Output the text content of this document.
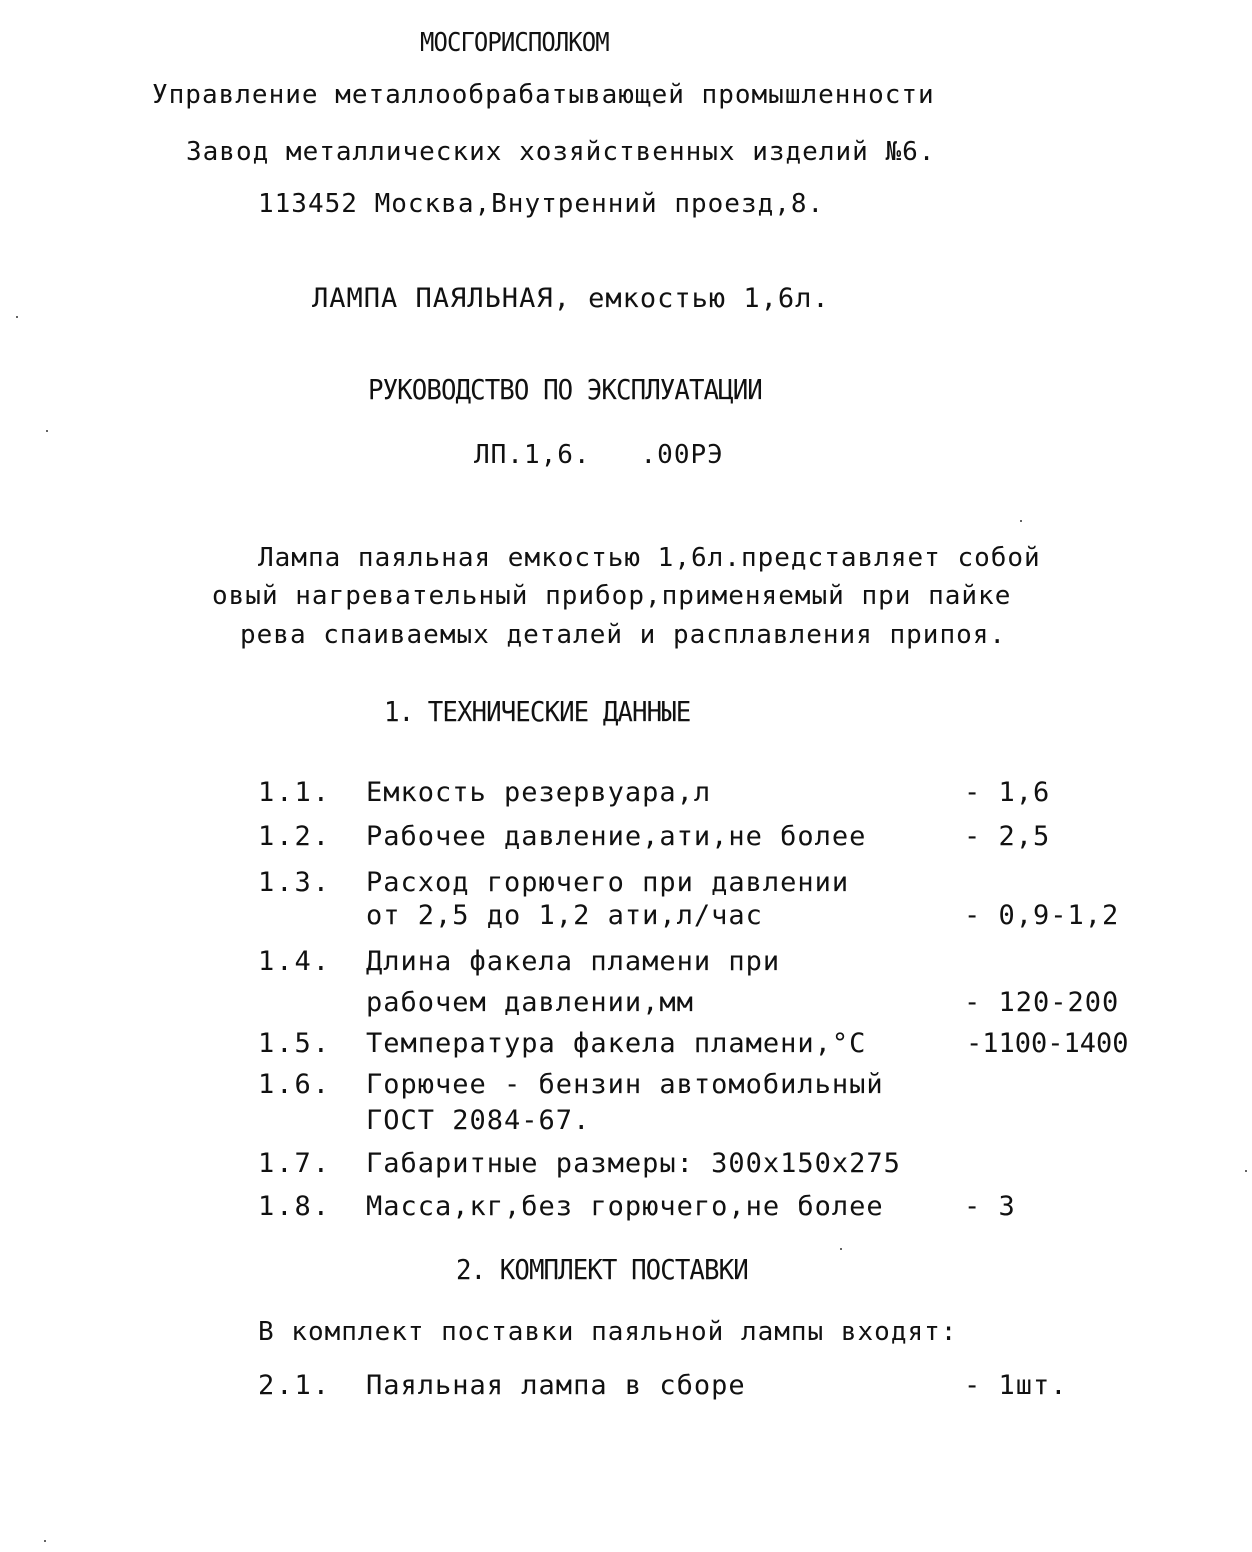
МОСГОРИСПОЛКОМ
Управление металлообрабатывающей промышленности
Завод металлических хозяйственных изделий №6.
113452 Москва,Внутренний проезд,8.
ЛАМПА ПАЯЛЬНАЯ, емкостью 1,6л.
РУКОВОДСТВО ПО ЭКСПЛУАТАЦИИ
ЛП.1,6.   .00РЭ
Лампа паяльная емкостью 1,6л.представляет собой
овый нагревательный прибор,применяемый при пайке
рева спаиваемых деталей и расплавления припоя.
1. ТЕХНИЧЕСКИЕ ДАННЫЕ
1.1. Емкость резервуара,л	- 1,6
1.2. Рабочее давление,ати,не более	- 2,5
1.3. Расход горючего при давлении
от 2,5 до 1,2 ати,л/час	- 0,9-1,2
1.4. Длина факела пламени при
рабочем давлении,мм	- 120-200
1.5. Температура факела пламени,°С	-1100-1400
1.6. Горючее - бензин автомобильный
ГОСТ 2084-67.
1.7. Габаритные размеры: 300х150х275
1.8. Масса,кг,без горючего,не более	- 3
2. КОМПЛЕКТ ПОСТАВКИ
В комплект поставки паяльной лампы входят:
2.1. Паяльная лампа в сборе	- 1шт.
